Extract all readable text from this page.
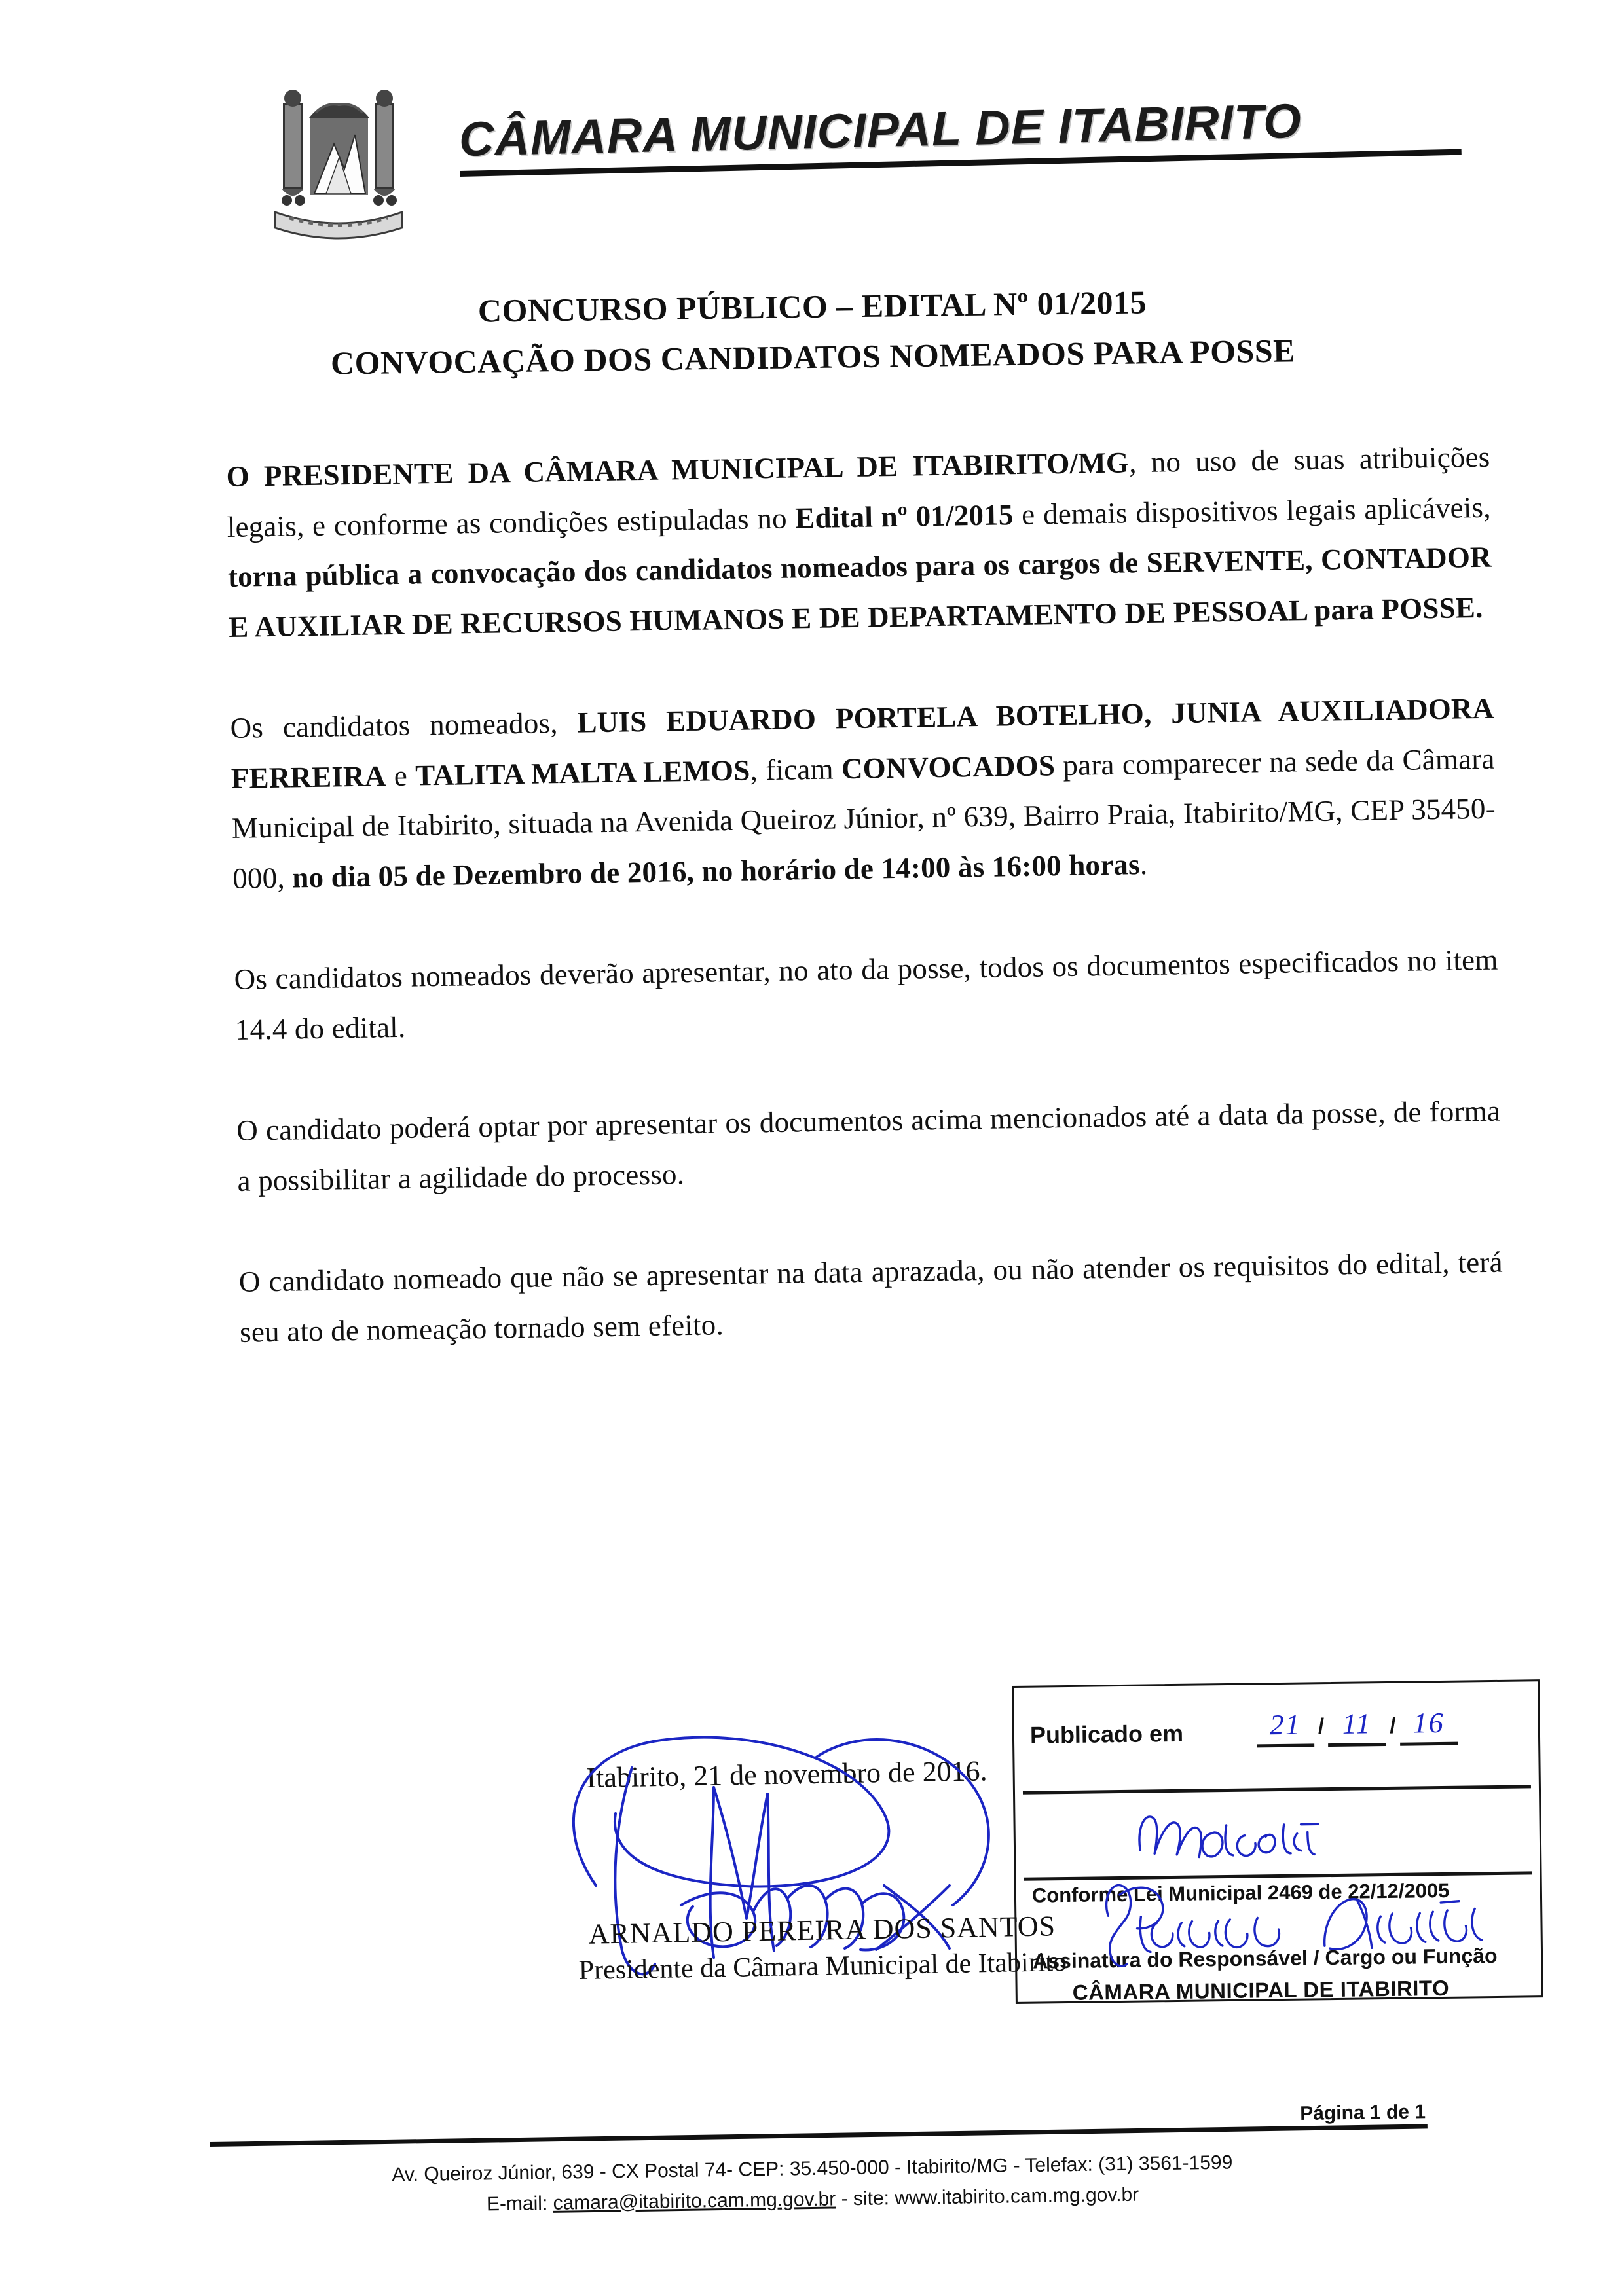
CÂMARA MUNICIPAL DE ITABIRITO
CONCURSO PÚBLICO – EDITAL Nº 01/2015
CONVOCAÇÃO DOS CANDIDATOS NOMEADOS PARA POSSE

O PRESIDENTE DA CÂMARA MUNICIPAL DE ITABIRITO/MG, no uso de suas atribuições legais, e conforme as condições estipuladas no Edital nº 01/2015 e demais dispositivos legais aplicáveis, torna pública a convocação dos candidatos nomeados para os cargos de SERVENTE, CONTADOR E AUXILIAR DE RECURSOS HUMANOS E DE DEPARTAMENTO DE PESSOAL para POSSE.

Os candidatos nomeados, LUIS EDUARDO PORTELA BOTELHO, JUNIA AUXILIADORA FERREIRA e TALITA MALTA LEMOS, ficam CONVOCADOS para comparecer na sede da Câmara Municipal de Itabirito, situada na Avenida Queiroz Júnior, nº 639, Bairro Praia, Itabirito/MG, CEP 35450-000, no dia 05 de Dezembro de 2016, no horário de 14:00 às 16:00 horas.

Os candidatos nomeados deverão apresentar, no ato da posse, todos os documentos especificados no item 14.4 do edital.

O candidato poderá optar por apresentar os documentos acima mencionados até a data da posse, de forma a possibilitar a agilidade do processo.

O candidato nomeado que não se apresentar na data aprazada, ou não atender os requisitos do edital, terá seu ato de nomeação tornado sem efeito.

Itabirito, 21 de novembro de 2016.
ARNALDO PEREIRA DOS SANTOS
Presidente da Câmara Municipal de Itabirito
Publicado em	21 / 11 / 16
Conforme Lei Municipal 2469 de 22/12/2005
Assinatura do Responsável / Cargo ou Função
CÂMARA MUNICIPAL DE ITABIRITO
Página 1 de 1
Av. Queiroz Júnior, 639 - CX Postal 74- CEP: 35.450-000 - Itabirito/MG - Telefax: (31) 3561-1599
E-mail: camara@itabirito.cam.mg.gov.br - site: www.itabirito.cam.mg.gov.br
